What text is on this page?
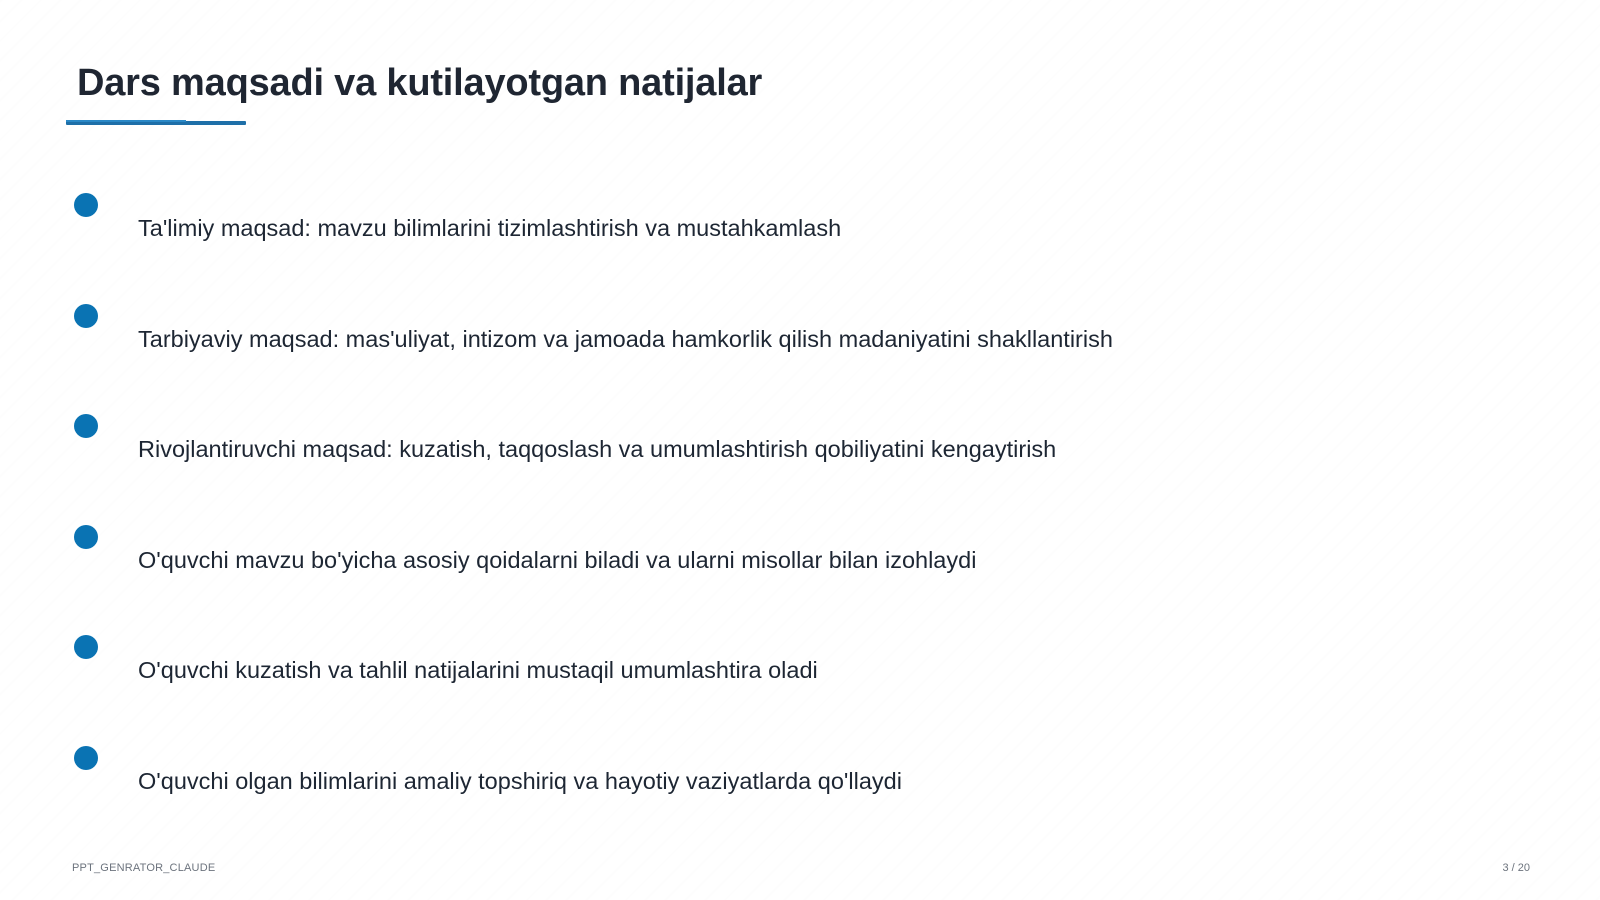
Dars maqsadi va kutilayotgan natijalar
Ta'limiy maqsad: mavzu bilimlarini tizimlashtirish va mustahkamlash
Tarbiyaviy maqsad: mas'uliyat, intizom va jamoada hamkorlik qilish madaniyatini shakllantirish
Rivojlantiruvchi maqsad: kuzatish, taqqoslash va umumlashtirish qobiliyatini kengaytirish
O'quvchi mavzu bo'yicha asosiy qoidalarni biladi va ularni misollar bilan izohlaydi
O'quvchi kuzatish va tahlil natijalarini mustaqil umumlashtira oladi
O'quvchi olgan bilimlarini amaliy topshiriq va hayotiy vaziyatlarda qo'llaydi
PPT_GENRATOR_CLAUDE	3 / 20
